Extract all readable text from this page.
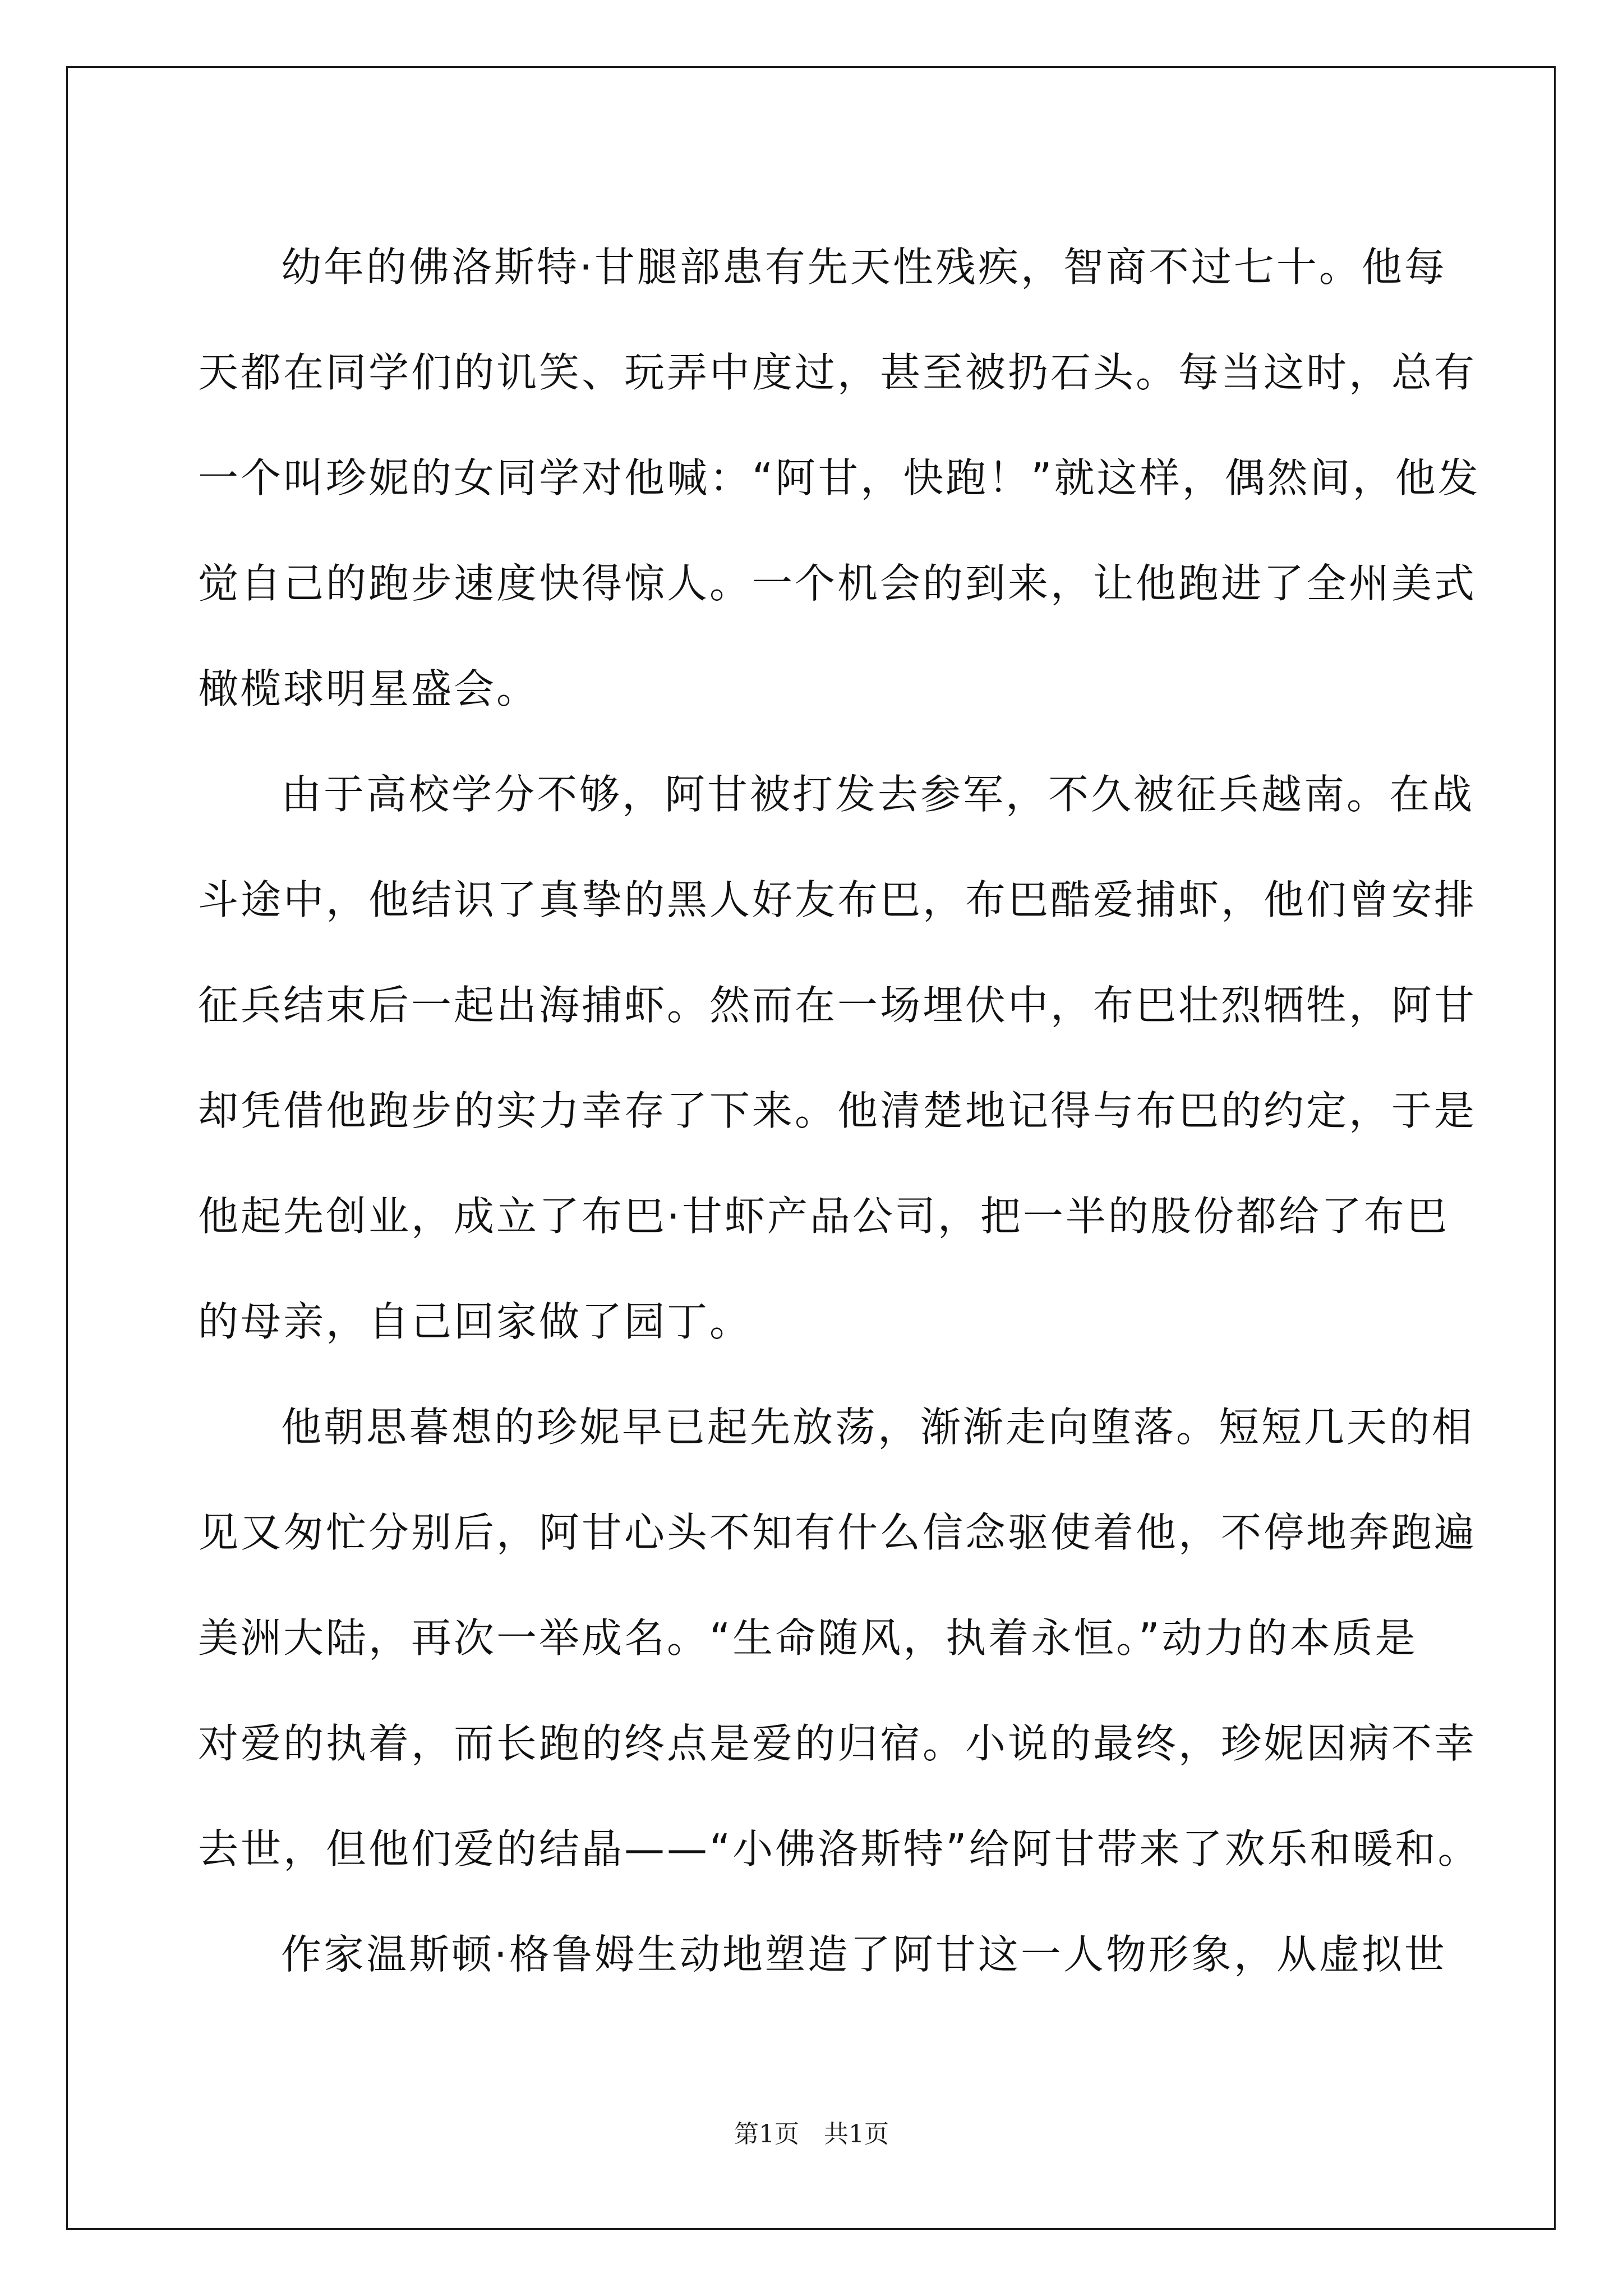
幼年的佛洛斯特·甘腿部患有先天性残疾，智商不过七十。他每
天都在同学们的讥笑、玩弄中度过，甚至被扔石头。每当这时，总有
一个叫珍妮的女同学对他喊：“阿甘，快跑！”就这样，偶然间，他发
觉自己的跑步速度快得惊人。一个机会的到来，让他跑进了全州美式
橄榄球明星盛会。
由于高校学分不够，阿甘被打发去参军，不久被征兵越南。在战
斗途中，他结识了真挚的黑人好友布巴，布巴酷爱捕虾，他们曾安排
征兵结束后一起出海捕虾。然而在一场埋伏中，布巴壮烈牺牲，阿甘
却凭借他跑步的实力幸存了下来。他清楚地记得与布巴的约定，于是
他起先创业，成立了布巴·甘虾产品公司，把一半的股份都给了布巴
的母亲，自己回家做了园丁。
他朝思暮想的珍妮早已起先放荡，渐渐走向堕落。短短几天的相
见又匆忙分别后，阿甘心头不知有什么信念驱使着他，不停地奔跑遍
美洲大陆，再次一举成名。“生命随风，执着永恒。”动力的本质是
对爱的执着，而长跑的终点是爱的归宿。小说的最终，珍妮因病不幸
去世，但他们爱的结晶——“小佛洛斯特”给阿甘带来了欢乐和暖和。
作家温斯顿·格鲁姆生动地塑造了阿甘这一人物形象，从虚拟世
第1页　共1页
